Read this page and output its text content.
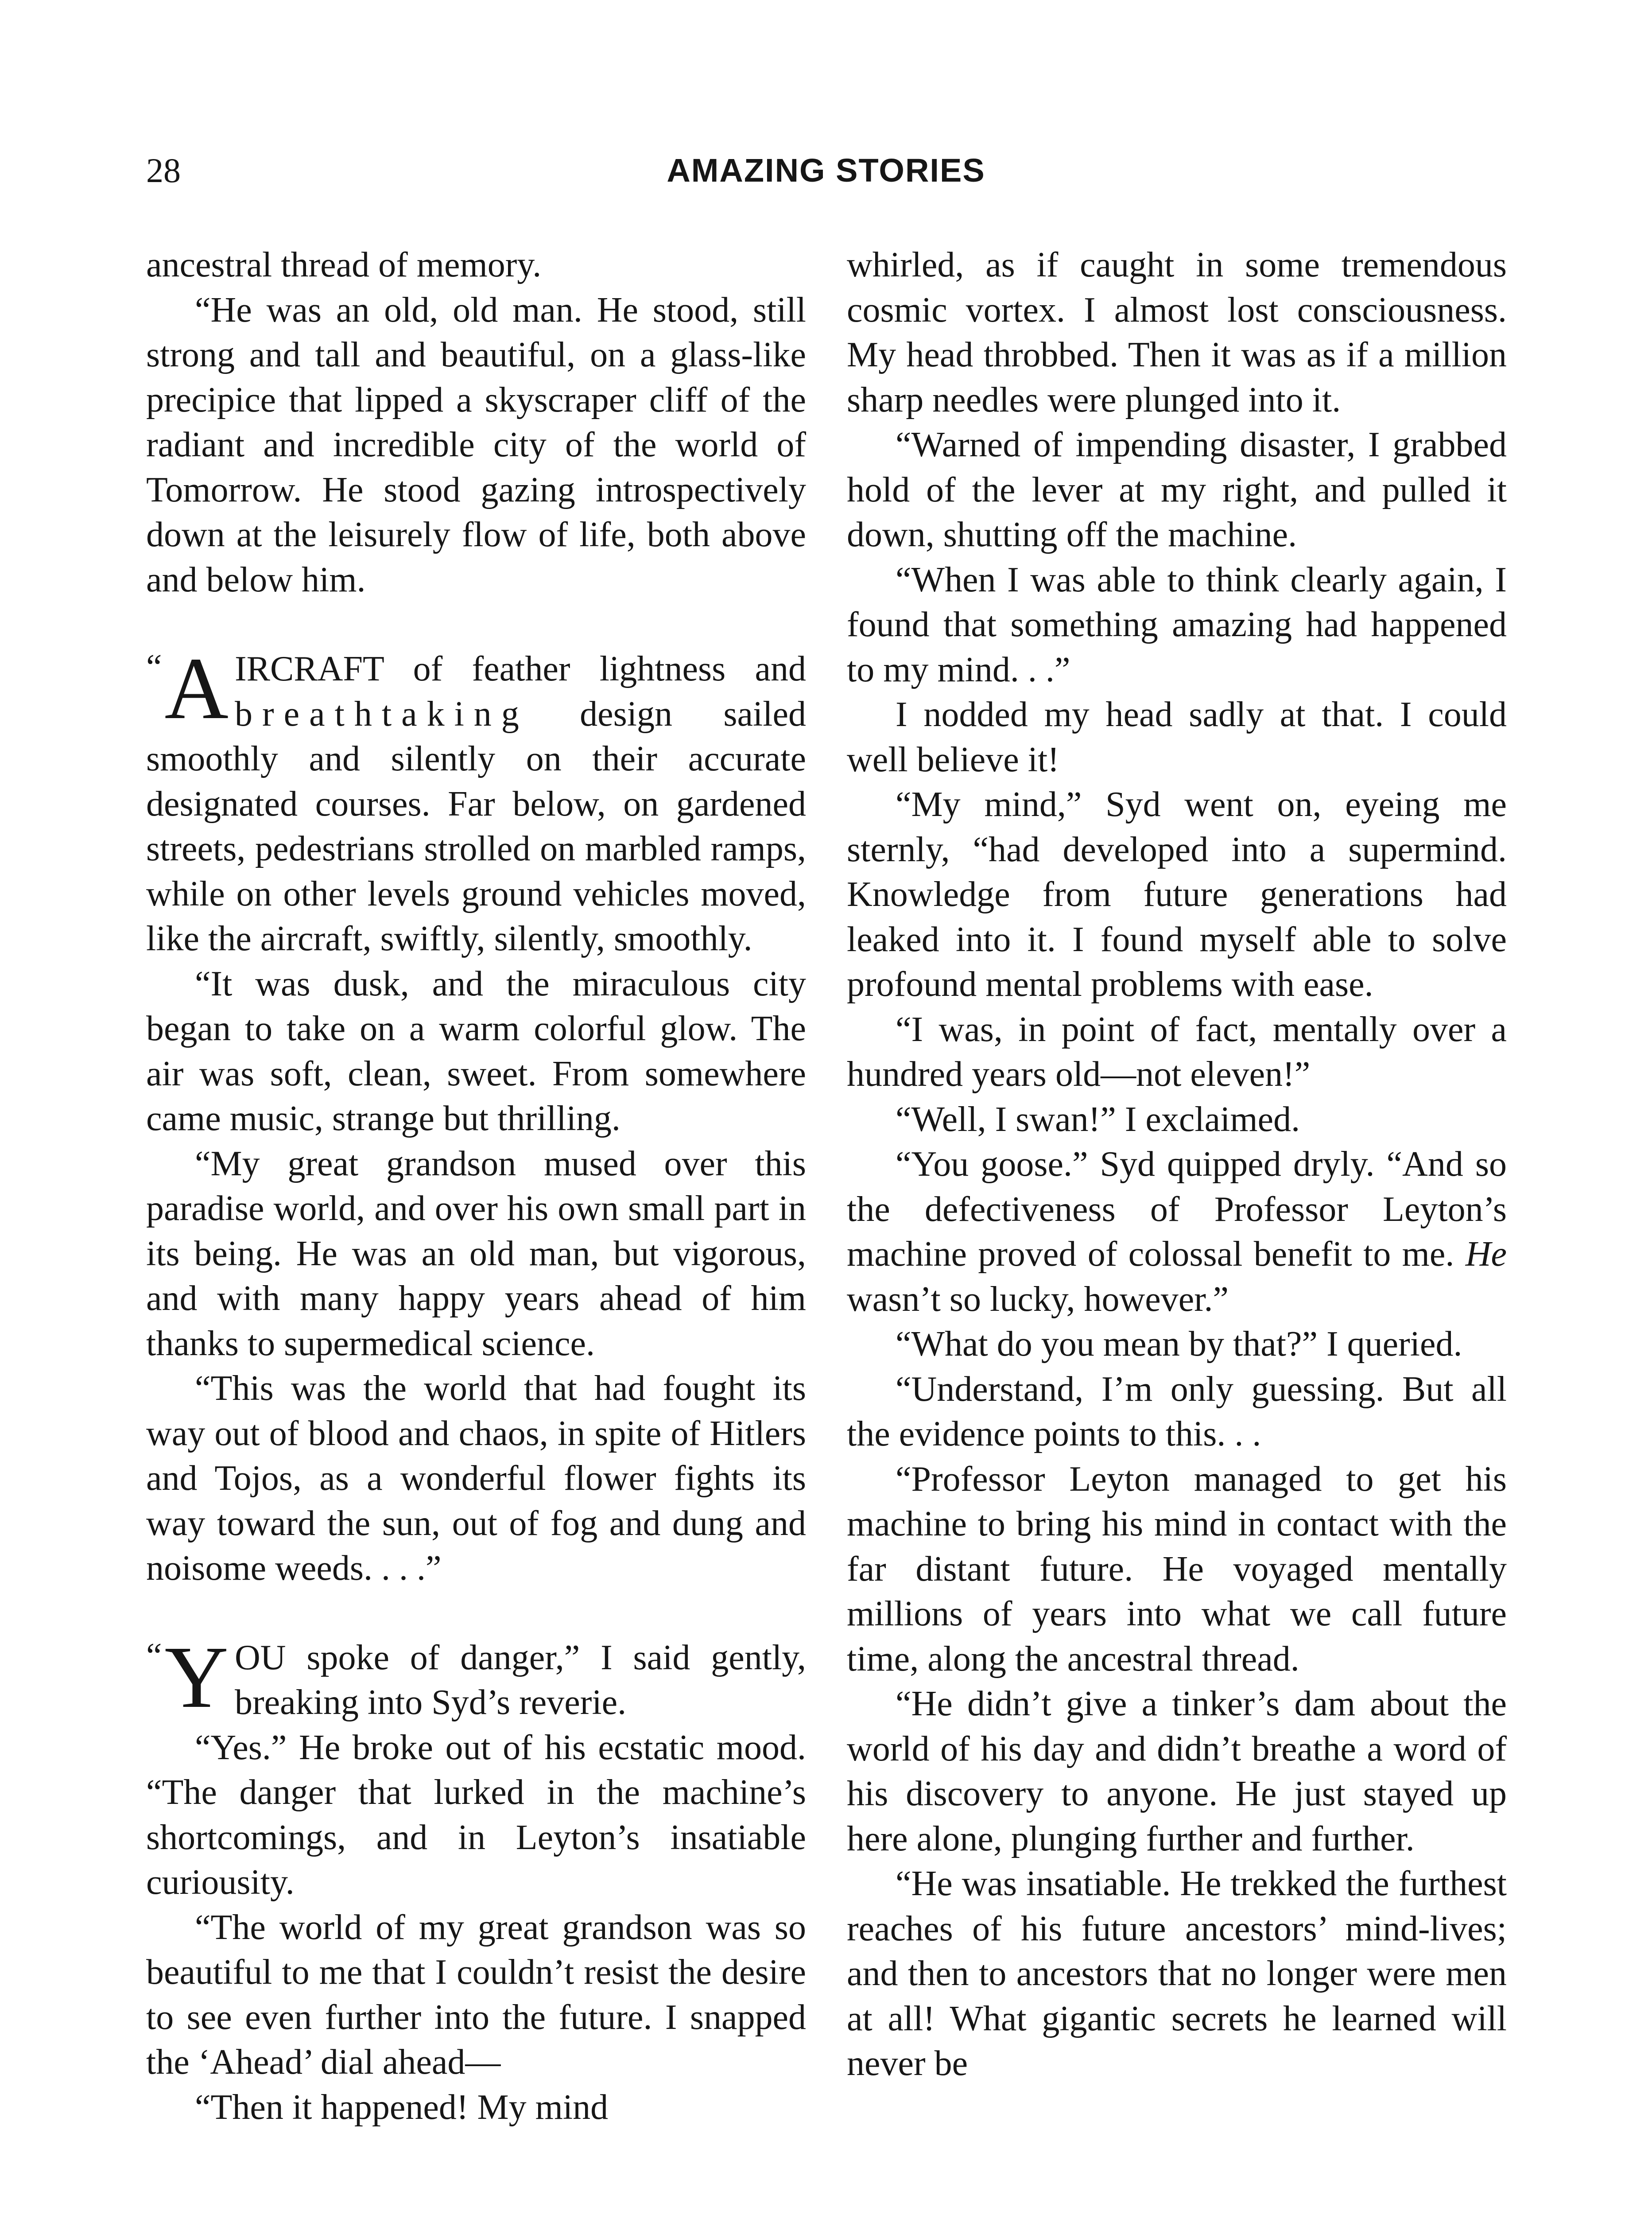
28	AMAZING STORIES

ancestral thread of memory.

“He was an old, old man. He stood, still strong and tall and beautiful, on a glass-like precipice that lipped a skyscraper cliff of the radiant and incredible city of the world of Tomorrow. He stood gazing introspectively down at the leisurely flow of life, both above and below him.

“ A IRCRAFT of feather lightness and breathtaking design sailed smoothly and silently on their accurate designated courses. Far below, on gardened streets, pedestrians strolled on marbled ramps, while on other levels ground vehicles moved, like the aircraft, swiftly, silently, smoothly.

“It was dusk, and the miraculous city began to take on a warm colorful glow. The air was soft, clean, sweet. From somewhere came music, strange but thrilling.

“My great grandson mused over this paradise world, and over his own small part in its being. He was an old man, but vigorous, and with many happy years ahead of him thanks to supermedical science.

“This was the world that had fought its way out of blood and chaos, in spite of Hitlers and Tojos, as a wonderful flower fights its way toward the sun, out of fog and dung and noisome weeds. . . .”

“ Y OU spoke of danger,” I said gently, breaking into Syd’s reverie.

“Yes.” He broke out of his ecstatic mood. “The danger that lurked in the machine’s shortcomings, and in Leyton’s insatiable curiousity.

“The world of my great grandson was so beautiful to me that I couldn’t resist the desire to see even further into the future. I snapped the ‘Ahead’ dial ahead—

“Then it happened! My mind

whirled, as if caught in some tremendous cosmic vortex. I almost lost consciousness. My head throbbed. Then it was as if a million sharp needles were plunged into it.

“Warned of impending disaster, I grabbed hold of the lever at my right, and pulled it down, shutting off the machine.

“When I was able to think clearly again, I found that something amazing had happened to my mind. . .”

I nodded my head sadly at that. I could well believe it!

“My mind,” Syd went on, eyeing me sternly, “had developed into a supermind. Knowledge from future generations had leaked into it. I found myself able to solve profound mental problems with ease.

“I was, in point of fact, mentally over a hundred years old—not eleven!”

“Well, I swan!” I exclaimed.

“You goose.” Syd quipped dryly. “And so the defectiveness of Professor Leyton’s machine proved of colossal benefit to me. He wasn’t so lucky, however.”

“What do you mean by that?” I queried.

“Understand, I’m only guessing. But all the evidence points to this. . .

“Professor Leyton managed to get his machine to bring his mind in contact with the far distant future. He voyaged mentally millions of years into what we call future time, along the ancestral thread.

“He didn’t give a tinker’s dam about the world of his day and didn’t breathe a word of his discovery to anyone. He just stayed up here alone, plunging further and further.

“He was insatiable. He trekked the furthest reaches of his future ancestors’ mind-lives; and then to ancestors that no longer were men at all! What gigantic secrets he learned will never be
